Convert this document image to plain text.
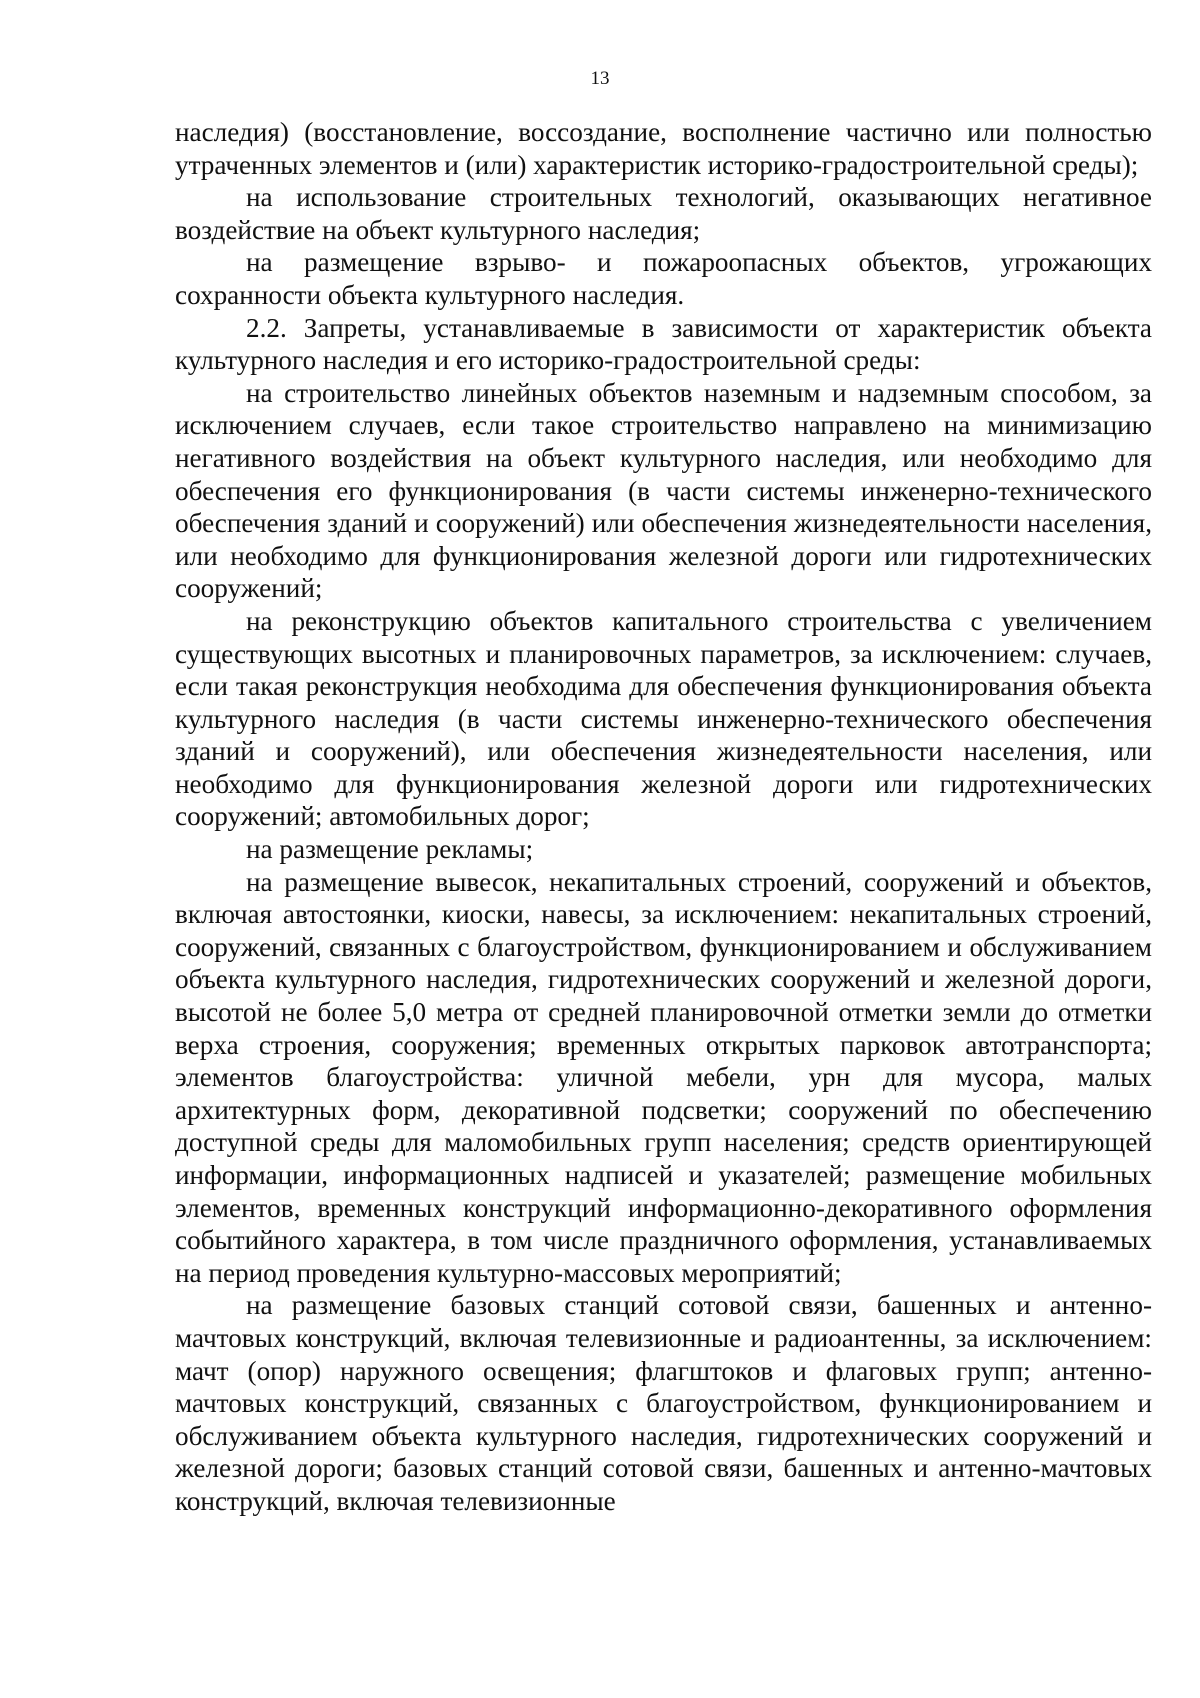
13

наследия) (восстановление, воссоздание, восполнение частично или полностью утраченных элементов и (или) характеристик историко-градостроительной среды);

на использование строительных технологий, оказывающих негативное воздействие на объект культурного наследия;

на размещение взрыво- и пожароопасных объектов, угрожающих сохранности объекта культурного наследия.

2.2. Запреты, устанавливаемые в зависимости от характеристик объекта культурного наследия и его историко-градостроительной среды:

на строительство линейных объектов наземным и надземным способом, за исключением случаев, если такое строительство направлено на минимизацию негативного воздействия на объект культурного наследия, или необходимо для обеспечения его функционирования (в части системы инженерно-технического обеспечения зданий и сооружений) или обеспечения жизнедеятельности населения, или необходимо для функционирования железной дороги или гидротехнических сооружений;

на реконструкцию объектов капитального строительства с увеличением существующих высотных и планировочных параметров, за исключением: случаев, если такая реконструкция необходима для обеспечения функционирования объекта культурного наследия (в части системы инженерно-технического обеспечения зданий и сооружений), или обеспечения жизнедеятельности населения, или необходимо для функционирования железной дороги или гидротехнических сооружений; автомобильных дорог;

на размещение рекламы;

на размещение вывесок, некапитальных строений, сооружений и объектов, включая автостоянки, киоски, навесы, за исключением: некапитальных строений, сооружений, связанных с благоустройством, функционированием и обслуживанием объекта культурного наследия, гидротехнических сооружений и железной дороги, высотой не более 5,0 метра от средней планировочной отметки земли до отметки верха строения, сооружения; временных открытых парковок автотранспорта; элементов благоустройства: уличной мебели, урн для мусора, малых архитектурных форм, декоративной подсветки; сооружений по обеспечению доступной среды для маломобильных групп населения; средств ориентирующей информации, информационных надписей и указателей; размещение мобильных элементов, временных конструкций информационно-декоративного оформления событийного характера, в том числе праздничного оформления, устанавливаемых на период проведения культурно-массовых мероприятий;

на размещение базовых станций сотовой связи, башенных и антенно-мачтовых конструкций, включая телевизионные и радиоантенны, за исключением: мачт (опор) наружного освещения; флагштоков и флаговых групп; антенно-мачтовых конструкций, связанных с благоустройством, функционированием и обслуживанием объекта культурного наследия, гидротехнических сооружений и железной дороги; базовых станций сотовой связи, башенных и антенно-мачтовых конструкций, включая телевизионные
